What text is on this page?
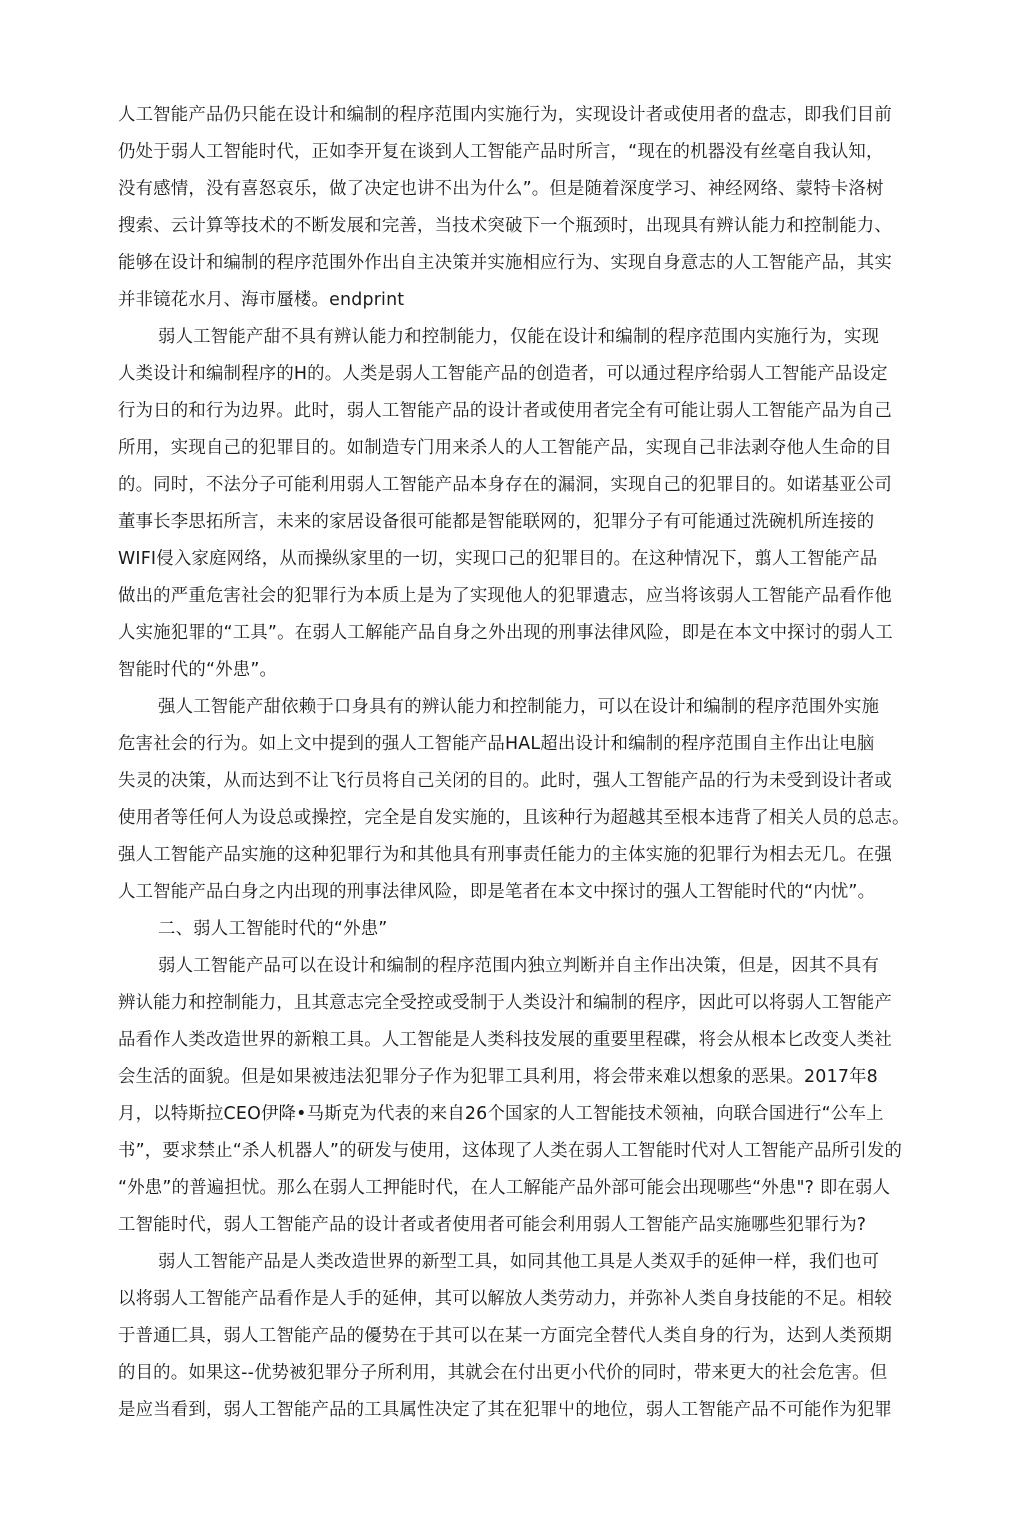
人工智能产品仍只能在设计和编制的程序范围内实施行为，实现设计者或使用者的盘志，即我们目前
仍处于弱人工智能时代，正如李开复在谈到人工智能产品时所言，“现在的机器没有丝毫自我认知，
没有感情，没有喜怒哀乐，做了决定也讲不出为什么”。但是随着深度学习、神经网络、蒙特卡洛树
搜索、云计算等技术的不断发展和完善，当技术突破下一个瓶颈时，出现具有辨认能力和控制能力、
能够在设计和编制的程序范围外作出自主决策并实施相应行为、实现自身意志的人工智能产品，其实
并非镜花水月、海市蜃楼。endprint
弱人工智能产甜不具有辨认能力和控制能力，仅能在设计和编制的程序范围内实施行为，实现
人类设计和编制程序的H的。人类是弱人工智能产品的创造者，可以通过程序给弱人工智能产品设定
行为日的和行为边界。此时，弱人工智能产品的设计者或使用者完全有可能让弱人工智能产品为自己
所用，实现自己的犯罪目的。如制造专门用来杀人的人工智能产品，实现自己非法剥夺他人生命的目
的。同时，不法分子可能利用弱人工智能产品本身存在的漏洞，实现自己的犯罪目的。如诺基亚公司
董事长李思拓所言，未来的家居设备很可能都是智能联网的，犯罪分子有可能通过洗碗机所连接的
WIFI侵入家庭网络，从而操纵家里的一切，实现口己的犯罪目的。在这种情况下，翦人工智能产品
做出的严重危害社会的犯罪行为本质上是为了实现他人的犯罪遺志，应当将该弱人工智能产品看作他
人实施犯罪的“工具”。在弱人工解能产品自身之外出现的刑事法律风险，即是在本文中探讨的弱人工
智能时代的“外患”。
强人工智能产甜依赖于口身具有的辨认能力和控制能力，可以在设计和编制的程序范围外实施
危害社会的行为。如上文中提到的强人工智能产品HAL超出设计和编制的程序范围自主作出让电脑
失灵的决策，从而达到不让飞行员将自己关闭的目的。此时，强人工智能产品的行为未受到设计者或
使用者等任何人为设总或操控，完全是自发实施的，且该种行为超越其至根本违背了相关人员的总志。
强人工智能产品实施的这种犯罪行为和其他具有刑事责任能力的主体实施的犯罪行为相去无几。在强
人工智能产品白身之内出现的刑事法律风险，即是笔者在本文中探讨的强人工智能时代的“内忧”。
二、弱人工智能时代的“外患”
弱人工智能产品可以在设计和编制的程序范围内独立判断并自主作出决策，但是，因其不具有
辨认能力和控制能力，且其意志完全受控或受制于人类设汁和编制的程序，因此可以将弱人工智能产
品看作人类改造世界的新粮工具。人工智能是人类科技发展的重要里程碟，将会从根本匕改变人类社
会生活的面貌。但是如果被违法犯罪分子作为犯罪工具利用，将会带来难以想象的恶果。2017年8
月，以特斯拉CEO伊降•马斯克为代表的来自26个国家的人工智能技术领袖，向联合国进行“公车上
书”，要求禁止“杀人机器人”的研发与使用，这体现了人类在弱人工智能时代对人工智能产品所引发的
“外患”的普遍担忧。那么在弱人工押能时代，在人工解能产品外部可能会出现哪些“外患"? 即在弱人
工智能时代，弱人工智能产品的设计者或者使用者可能会利用弱人工智能产品实施哪些犯罪行为?
弱人工智能产品是人类改造世界的新型工具，如同其他工具是人类双手的延伸一样，我们也可
以将弱人工智能产品看作是人手的延伸，其可以解放人类劳动力，并弥补人类自身技能的不足。相较
于普通匚具，弱人工智能产品的優势在于其可以在某一方面完全替代人类自身的行为，达到人类预期
的目的。如果这--优势被犯罪分子所利用，其就会在付出更小代价的同时，带来更大的社会危害。但
是应当看到，弱人工智能产品的工具属性决定了其在犯罪屮的地位，弱人工智能产品不可能作为犯罪
